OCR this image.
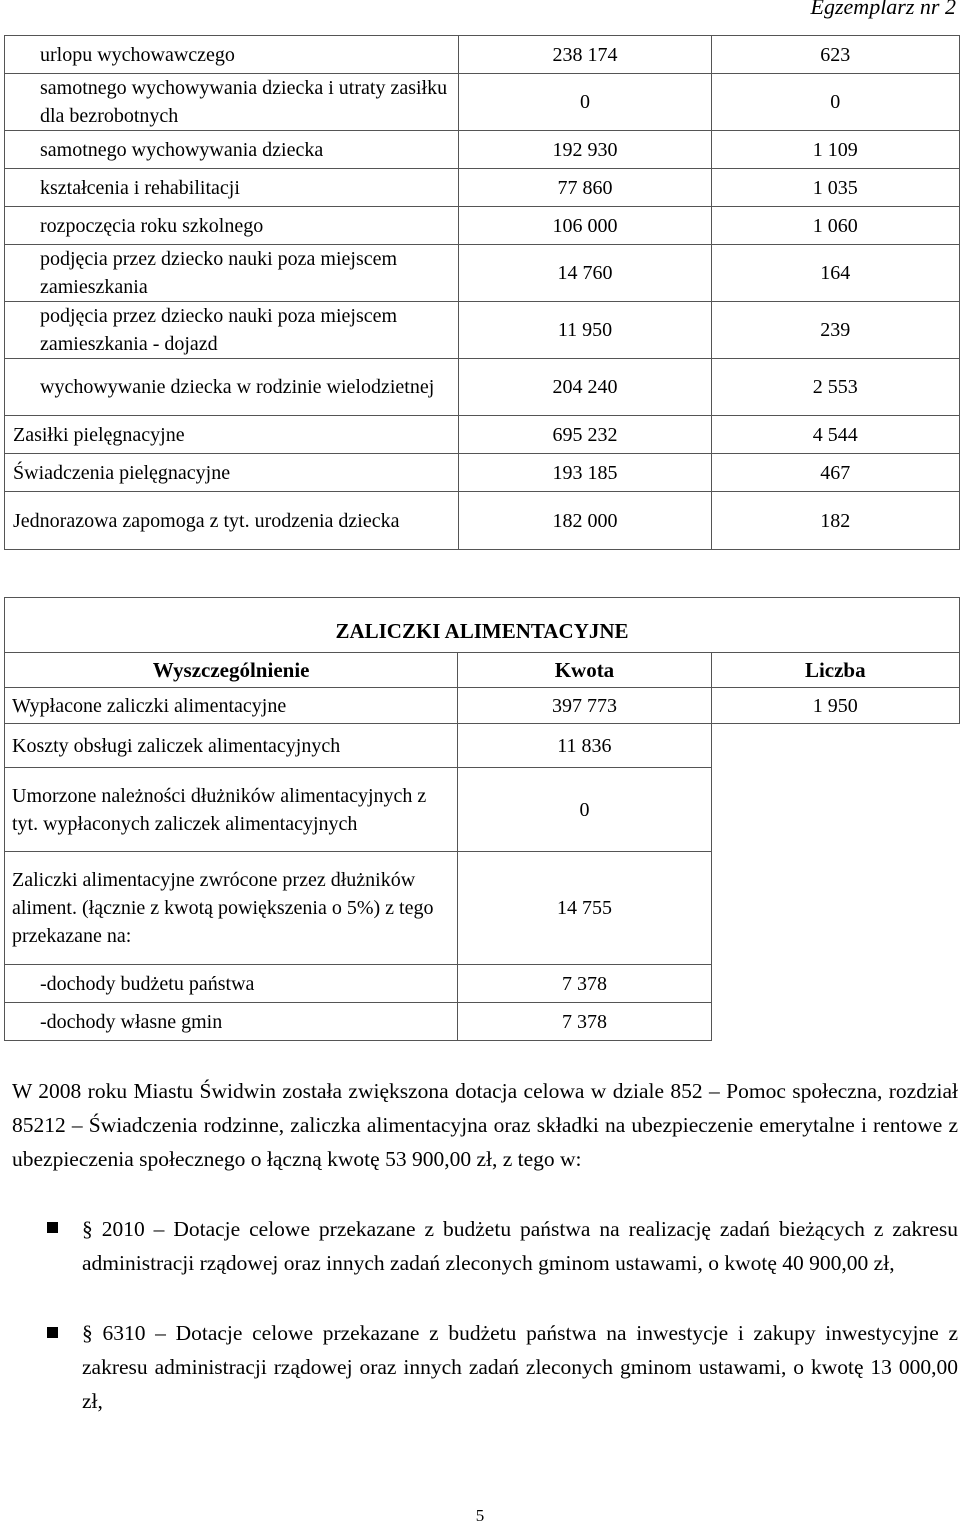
Egzemplarz nr 2
urlopu wychowawczego	238 174	623
samotnego wychowywania dziecka i utraty zasiłku dla bezrobotnych	0	0
samotnego wychowywania dziecka	192 930	1 109
kształcenia i rehabilitacji	77 860	1 035
rozpoczęcia roku szkolnego	106 000	1 060
podjęcia przez dziecko nauki poza miejscem zamieszkania	14 760	164
podjęcia przez dziecko nauki poza miejscem zamieszkania - dojazd	11 950	239
wychowywanie dziecka w rodzinie wielodzietnej	204 240	2 553
Zasiłki pielęgnacyjne	695 232	4 544
Świadczenia pielęgnacyjne	193 185	467
Jednorazowa zapomoga z tyt. urodzenia dziecka	182 000	182
ZALICZKI ALIMENTACYJNE		
Wyszczególnienie	Kwota	Liczba
Wypłacone zaliczki alimentacyjne	397 773	1 950
Koszty obsługi zaliczek alimentacyjnych	11 836	
Umorzone należności dłużników alimentacyjnych z tyt. wypłaconych zaliczek alimentacyjnych	0	
Zaliczki alimentacyjne zwrócone przez dłużników aliment. (łącznie z kwotą powiększenia o 5%) z tego przekazane na:	14 755	
-dochody budżetu państwa	7 378	
-dochody własne gmin	7 378	

W 2008 roku Miastu Świdwin została zwiększona dotacja celowa w dziale 852 – Pomoc społeczna, rozdział 85212 – Świadczenia rodzinne, zaliczka alimentacyjna oraz składki na ubezpieczenie emerytalne i rentowe z ubezpieczenia społecznego o łączną kwotę 53 900,00 zł, z tego w:

§ 2010 – Dotacje celowe przekazane z budżetu państwa na realizację zadań bieżących z zakresu administracji rządowej oraz innych zadań zleconych gminom ustawami, o kwotę 40 900,00 zł,

§ 6310 – Dotacje celowe przekazane z budżetu państwa na inwestycje i zakupy inwestycyjne z zakresu administracji rządowej oraz innych zadań zleconych gminom ustawami, o kwotę 13 000,00 zł,

5
